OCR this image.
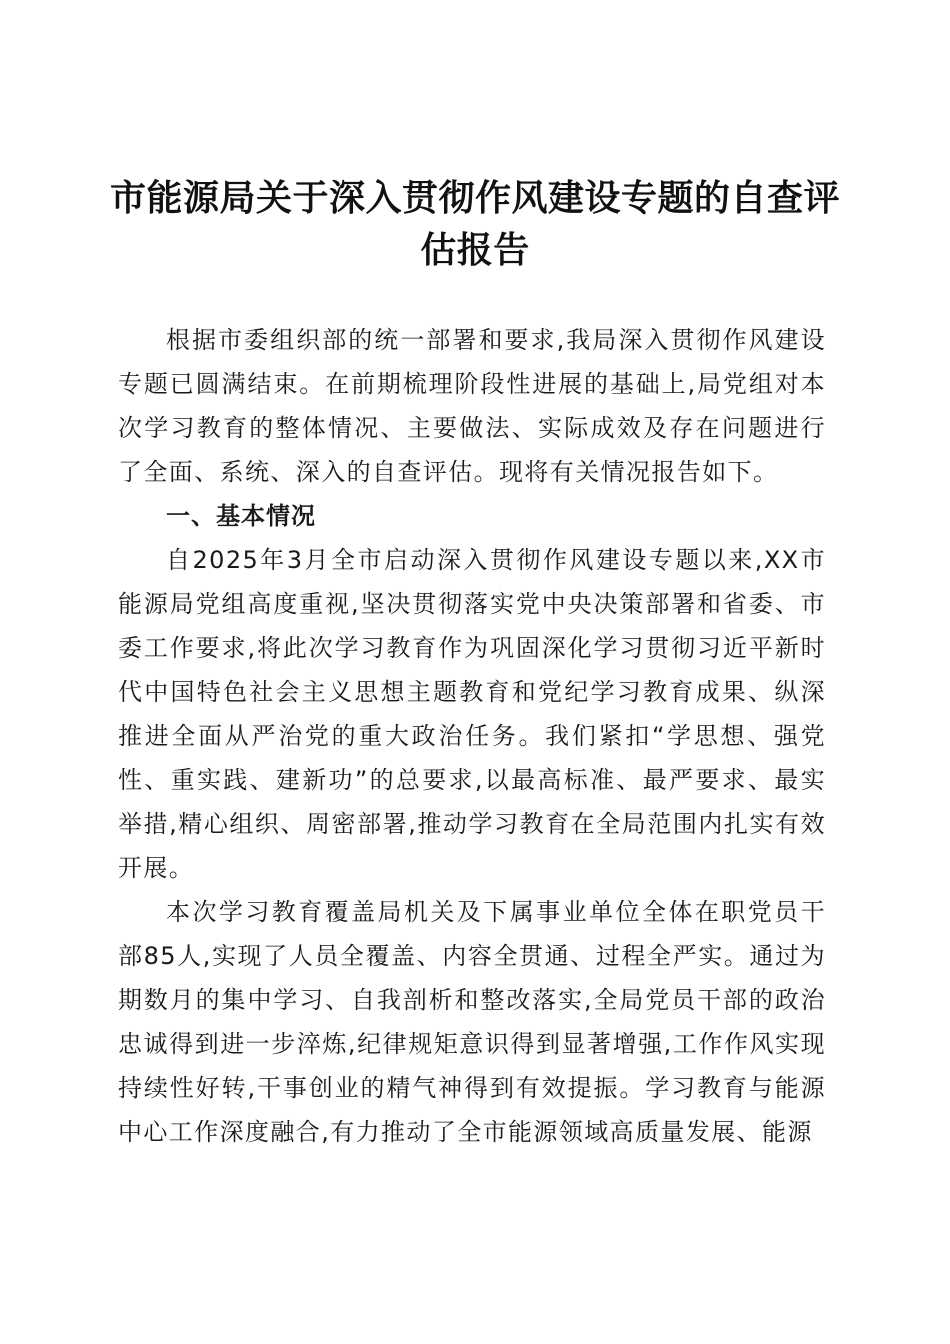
市能源局关于深入贯彻作风建设专题的自查评估报告

根据市委组织部的统一部署和要求,我局深入贯彻作风建设专题已圆满结束。在前期梳理阶段性进展的基础上,局党组对本次学习教育的整体情况、主要做法、实际成效及存在问题进行了全面、系统、深入的自查评估。现将有关情况报告如下。

一、基本情况

自2025年3月全市启动深入贯彻作风建设专题以来,XX市能源局党组高度重视,坚决贯彻落实党中央决策部署和省委、市委工作要求,将此次学习教育作为巩固深化学习贯彻习近平新时代中国特色社会主义思想主题教育和党纪学习教育成果、纵深推进全面从严治党的重大政治任务。我们紧扣“学思想、强党性、重实践、建新功”的总要求,以最高标准、最严要求、最实举措,精心组织、周密部署,推动学习教育在全局范围内扎实有效开展。

本次学习教育覆盖局机关及下属事业单位全体在职党员干部85人,实现了人员全覆盖、内容全贯通、过程全严实。通过为期数月的集中学习、自我剖析和整改落实,全局党员干部的政治忠诚得到进一步淬炼,纪律规矩意识得到显著增强,工作作风实现持续性好转,干事创业的精气神得到有效提振。学习教育与能源中心工作深度融合,有力推动了全市能源领域高质量发展、能源
